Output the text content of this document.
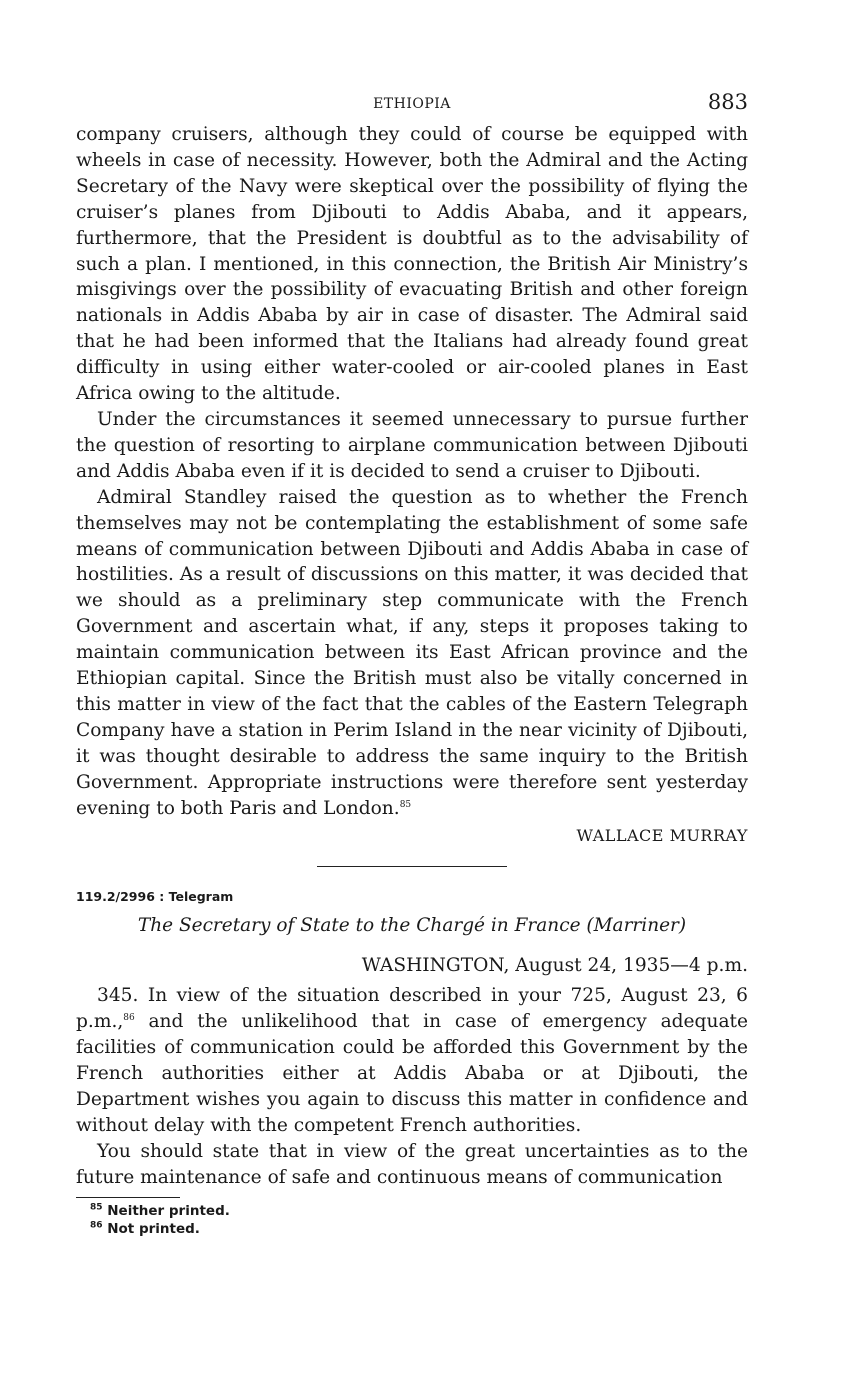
ETHIOPIA	883

company cruisers, although they could of course be equipped with wheels in case of necessity. However, both the Admiral and the Acting Secretary of the Navy were skeptical over the possibility of flying the cruiser’s planes from Djibouti to Addis Ababa, and it appears, furthermore, that the President is doubtful as to the advisability of such a plan. I mentioned, in this connection, the British Air Ministry’s misgivings over the possibility of evacuating British and other foreign nationals in Addis Ababa by air in case of disaster. The Admiral said that he had been informed that the Italians had already found great difficulty in using either water-cooled or air-cooled planes in East Africa owing to the altitude.

Under the circumstances it seemed unnecessary to pursue further the question of resorting to airplane communication between Djibouti and Addis Ababa even if it is decided to send a cruiser to Djibouti.

Admiral Standley raised the question as to whether the French themselves may not be contemplating the establishment of some safe means of communication between Djibouti and Addis Ababa in case of hostilities. As a result of discussions on this matter, it was decided that we should as a preliminary step communicate with the French Government and ascertain what, if any, steps it proposes taking to maintain communication between its East African province and the Ethiopian capital. Since the British must also be vitally concerned in this matter in view of the fact that the cables of the Eastern Telegraph Company have a station in Perim Island in the near vicinity of Djibouti, it was thought desirable to address the same inquiry to the British Government. Appropriate instructions were therefore sent yesterday evening to both Paris and London.$^{85}$

WALLACE MURRAY
119.2/2996 : Telegram
The Secretary of State to the Chargé in France (Marriner)
WASHINGTON, August 24, 1935—4 p.m.

345. In view of the situation described in your 725, August 23, 6 p.m.,$^{86}$ and the unlikelihood that in case of emergency adequate facilities of communication could be afforded this Government by the French authorities either at Addis Ababa or at Djibouti, the Department wishes you again to discuss this matter in confidence and without delay with the competent French authorities.

You should state that in view of the great uncertainties as to the future maintenance of safe and continuous means of communication

$^{85}$ Neither printed.
$^{86}$ Not printed.
